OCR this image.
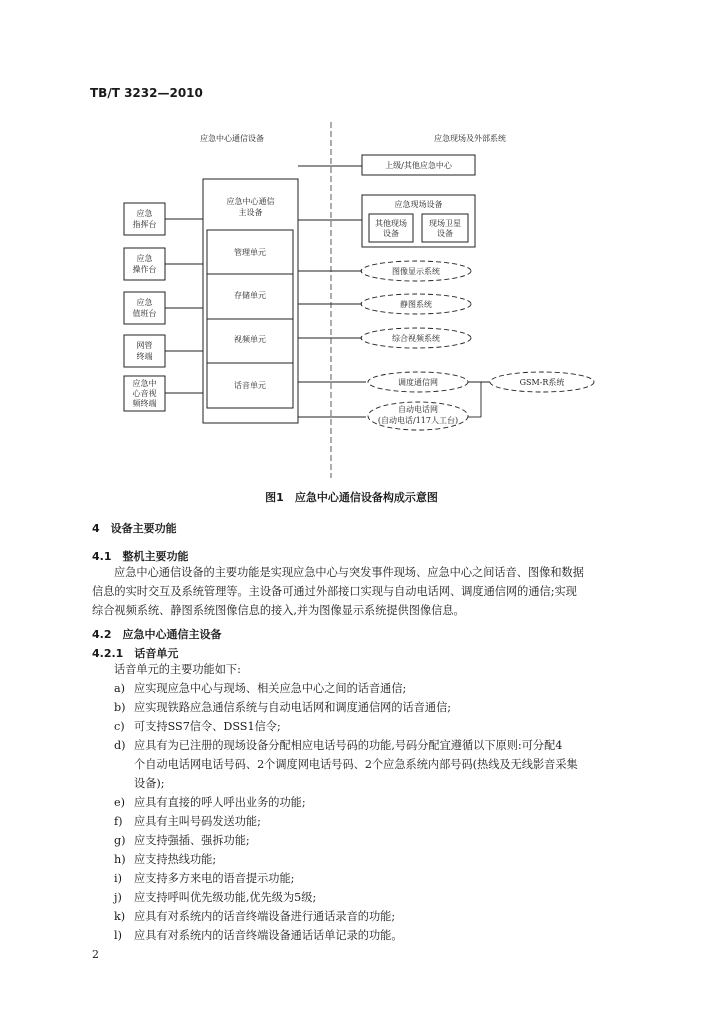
TB/T 3232—2010
应急中心通信设备	应急现场及外部系统
应急
指挥台
应急
操作台
应急
值班台
网管
终端
应急中
心音视
频终端
应急中心通信
主设备
管理单元
存储单元
视频单元
话音单元
上级/其他应急中心
应急现场设备
其他现场
设备
现场卫星
设备
图像显示系统
静图系统
综合视频系统
调度通信网	GSM-R系统
自动电话网
(自动电话/117人工台)
图1　应急中心通信设备构成示意图
4　设备主要功能
4.1　整机主要功能
应急中心通信设备的主要功能是实现应急中心与突发事件现场、应急中心之间话音、图像和数据
信息的实时交互及系统管理等。主设备可通过外部接口实现与自动电话网、调度通信网的通信;实现
综合视频系统、静图系统图像信息的接入,并为图像显示系统提供图像信息。
4.2　应急中心通信主设备
4.2.1　话音单元
话音单元的主要功能如下:
a) 应实现应急中心与现场、相关应急中心之间的话音通信;
b) 应实现铁路应急通信系统与自动电话网和调度通信网的话音通信;
c) 可支持SS7信令、DSS1信令;
d) 应具有为已注册的现场设备分配相应电话号码的功能,号码分配宜遵循以下原则:可分配4
个自动电话网电话号码、2个调度网电话号码、2个应急系统内部号码(热线及无线影音采集
设备);
e) 应具有直接的呼人呼出业务的功能;
f) 应具有主叫号码发送功能;
g) 应支持强插、强拆功能;
h) 应支持热线功能;
i) 应支持多方来电的语音提示功能;
j) 应支持呼叫优先级功能,优先级为5级;
k) 应具有对系统内的话音终端设备进行通话录音的功能;
l) 应具有对系统内的话音终端设备通话话单记录的功能。
2
